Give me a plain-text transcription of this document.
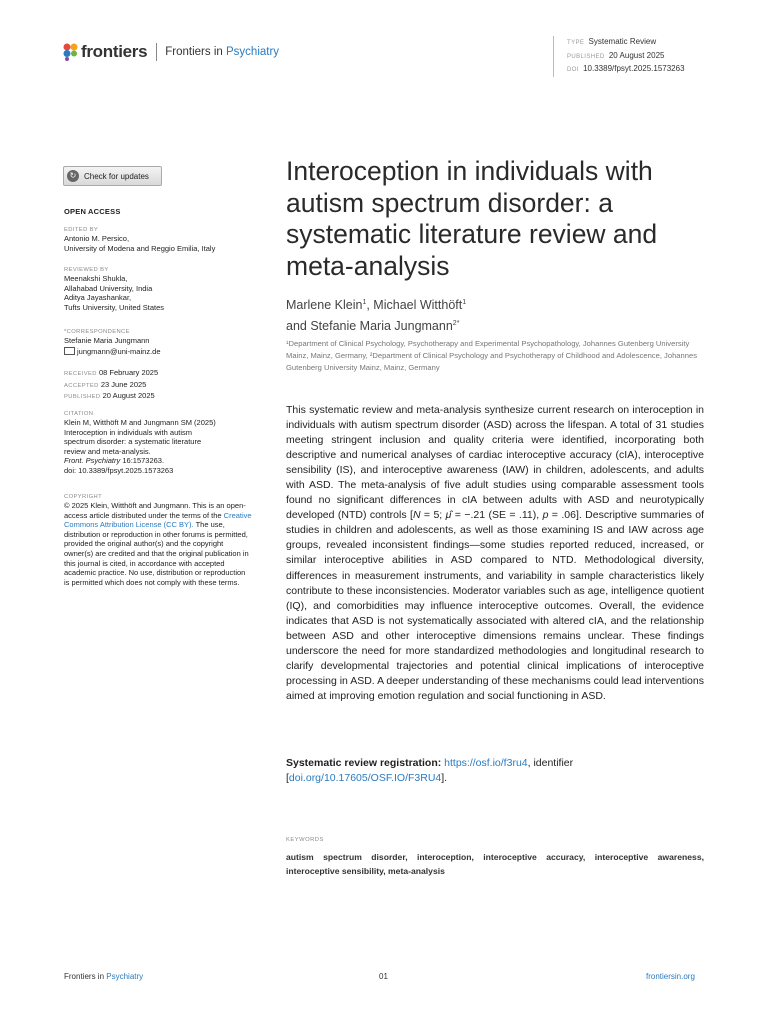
frontiers Frontiers in Psychiatry
TYPE Systematic Review
PUBLISHED 20 August 2025
DOI 10.3389/fpsyt.2025.1573263
↻ Check for updates
OPEN ACCESS
EDITED BY
Antonio M. Persico,
University of Modena and Reggio Emilia, Italy
REVIEWED BY
Meenakshi Shukla,
Allahabad University, India
Aditya Jayashankar,
Tufts University, United States
*CORRESPONDENCE
Stefanie Maria Jungmann
jungmann@uni-mainz.de
RECEIVED 08 February 2025
ACCEPTED 23 June 2025
PUBLISHED 20 August 2025
CITATION
Klein M, Witthöft M and Jungmann SM (2025)
Interoception in individuals with autism
spectrum disorder: a systematic literature
review and meta-analysis.
Front. Psychiatry 16:1573263.
doi: 10.3389/fpsyt.2025.1573263
COPYRIGHT
© 2025 Klein, Witthöft and Jungmann. This is an open-access article distributed under the terms of the Creative Commons Attribution License (CC BY). The use, distribution or reproduction in other forums is permitted, provided the original author(s) and the copyright owner(s) are credited and that the original publication in this journal is cited, in accordance with accepted academic practice. No use, distribution or reproduction is permitted which does not comply with these terms.
Interoception in individuals with autism spectrum disorder: a systematic literature review and meta-analysis
Marlene Klein$^1$, Michael Witthöft$^1$
and Stefanie Maria Jungmann$^{2*}$
¹Department of Clinical Psychology, Psychotherapy and Experimental Psychopathology, Johannes Gutenberg University Mainz, Mainz, Germany, ²Department of Clinical Psychology and Psychotherapy of Childhood and Adolescence, Johannes Gutenberg University Mainz, Mainz, Germany

This systematic review and meta-analysis synthesize current research on interoception in individuals with autism spectrum disorder (ASD) across the lifespan. A total of 31 studies meeting stringent inclusion and quality criteria were identified, incorporating both descriptive and numerical analyses of cardiac interoceptive accuracy (cIA), interoceptive sensibility (IS), and interoceptive awareness (IAW) in children, adolescents, and adults with ASD. The meta-analysis of five adult studies using comparable assessment tools found no significant differences in cIA between adults with ASD and neurotypically developed (NTD) controls [N = 5; μ̂ = −.21 (SE = .11), p = .06]. Descriptive summaries of studies in children and adolescents, as well as those examining IS and IAW across age groups, revealed inconsistent findings—some studies reported reduced, increased, or similar interoceptive abilities in ASD compared to NTD. Methodological diversity, differences in measurement instruments, and variability in sample characteristics likely contribute to these inconsistencies. Moderator variables such as age, intelligence quotient (IQ), and comorbidities may influence interoceptive outcomes. Overall, the evidence indicates that ASD is not systematically associated with altered cIA, and the relationship between ASD and other interoceptive dimensions remains unclear. These findings underscore the need for more standardized methodologies and longitudinal research to clarify developmental trajectories and potential clinical implications of interoceptive processing in ASD. A deeper understanding of these mechanisms could lead interventions aimed at improving emotion regulation and social functioning in ASD.

Systematic review registration: https://osf.io/f3ru4, identifier [doi.org/10.17605/OSF.IO/F3RU4].
KEYWORDS
autism spectrum disorder, interoception, interoceptive accuracy, interoceptive awareness, interoceptive sensibility, meta-analysis
Frontiers in Psychiatry	01	frontiersin.org
